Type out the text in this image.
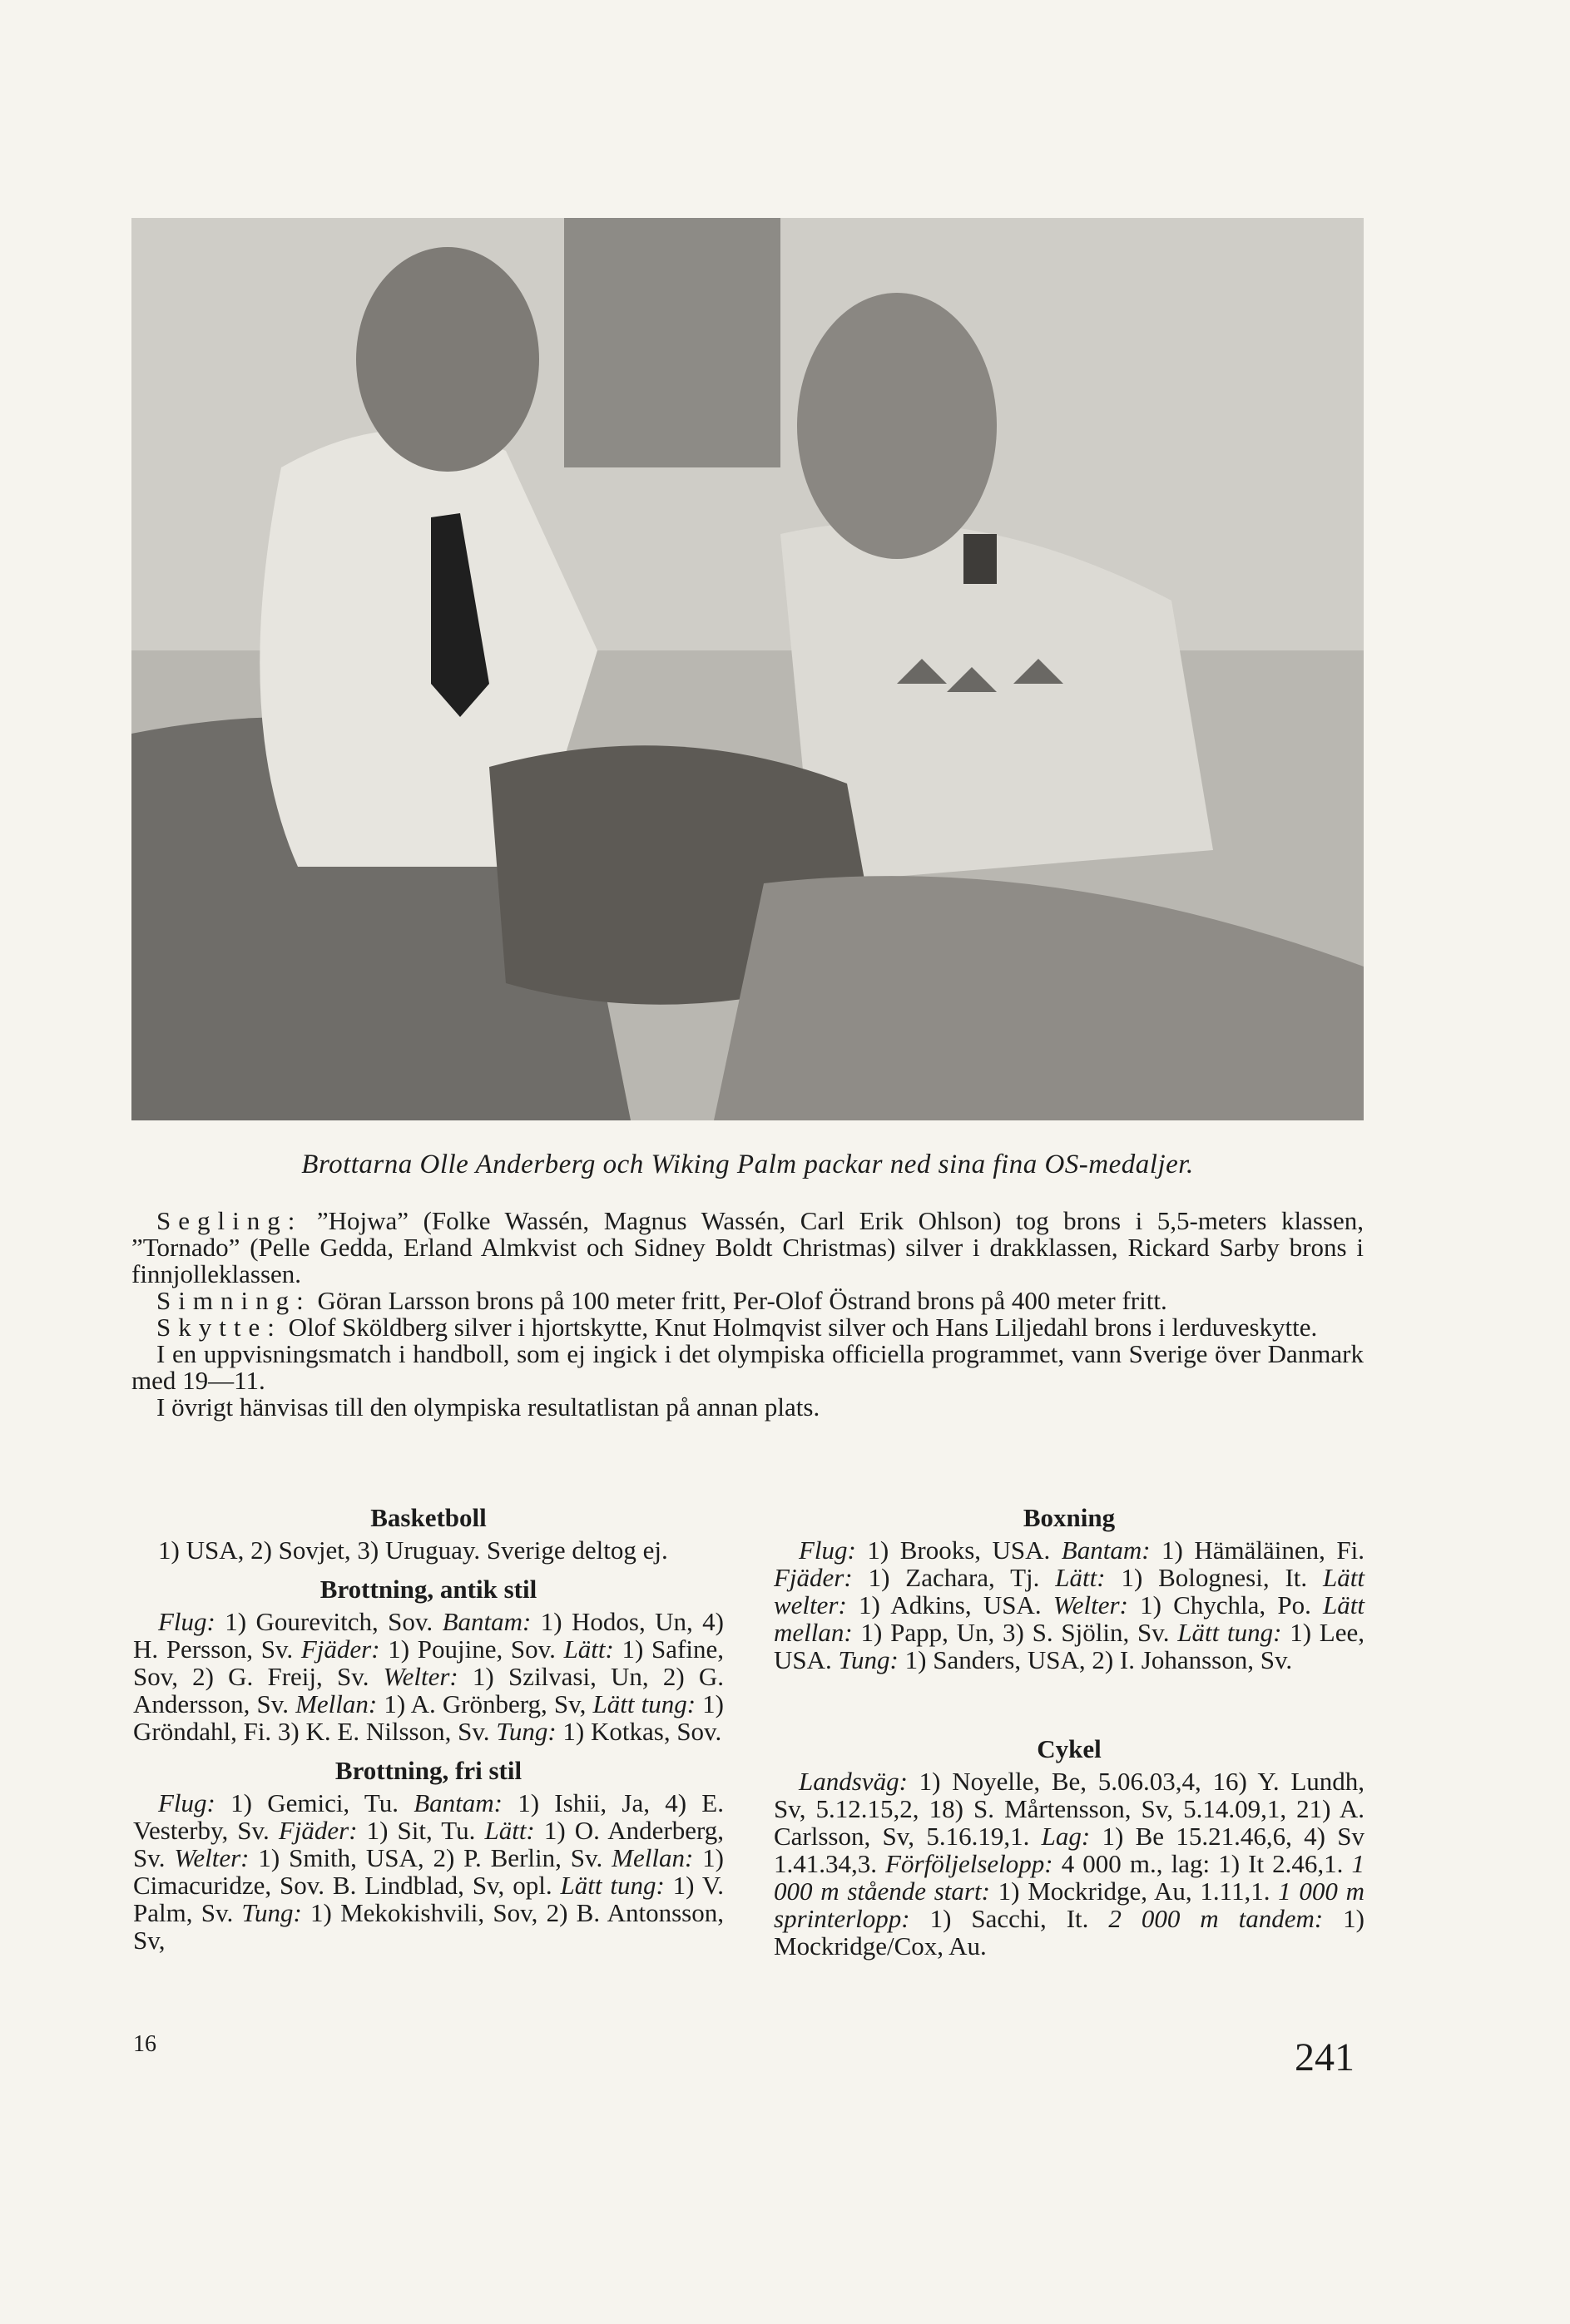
Brottarna Olle Anderberg och Wiking Palm packar ned sina fina OS-medaljer.

Segling: ”Hojwa” (Folke Wassén, Magnus Wassén, Carl Erik Ohlson) tog brons i 5,5-meters klassen, ”Tornado” (Pelle Gedda, Erland Almkvist och Sidney Boldt Christmas) silver i drakklassen, Rickard Sarby brons i finnjolleklassen.

Simning: Göran Larsson brons på 100 meter fritt, Per-Olof Östrand brons på 400 meter fritt.

Skytte: Olof Sköldberg silver i hjortskytte, Knut Holmqvist silver och Hans Liljedahl brons i lerduveskytte.

I en uppvisningsmatch i handboll, som ej ingick i det olympiska officiella programmet, vann Sverige över Danmark med 19—11.

I övrigt hänvisas till den olympiska resultatlistan på annan plats.

Basketboll

1) USA, 2) Sovjet, 3) Uruguay. Sverige deltog ej.

Brottning, antik stil

Flug: 1) Gourevitch, Sov. Bantam: 1) Hodos, Un, 4) H. Persson, Sv. Fjäder: 1) Poujine, Sov. Lätt: 1) Safine, Sov, 2) G. Freij, Sv. Welter: 1) Szilvasi, Un, 2) G. Andersson, Sv. Mellan: 1) A. Grönberg, Sv, Lätt tung: 1) Gröndahl, Fi. 3) K. E. Nilsson, Sv. Tung: 1) Kotkas, Sov.

Brottning, fri stil

Flug: 1) Gemici, Tu. Bantam: 1) Ishii, Ja, 4) E. Vesterby, Sv. Fjäder: 1) Sit, Tu. Lätt: 1) O. Anderberg, Sv. Welter: 1) Smith, USA, 2) P. Berlin, Sv. Mellan: 1) Cimacuridze, Sov. B. Lindblad, Sv, opl. Lätt tung: 1) V. Palm, Sv. Tung: 1) Mekokishvili, Sov, 2) B. Antonsson, Sv,

Boxning

Flug: 1) Brooks, USA. Bantam: 1) Hämäläinen, Fi. Fjäder: 1) Zachara, Tj. Lätt: 1) Bolognesi, It. Lätt welter: 1) Adkins, USA. Welter: 1) Chychla, Po. Lätt mellan: 1) Papp, Un, 3) S. Sjölin, Sv. Lätt tung: 1) Lee, USA. Tung: 1) Sanders, USA, 2) I. Johansson, Sv.

Cykel

Landsväg: 1) Noyelle, Be, 5.06.03,4, 16) Y. Lundh, Sv, 5.12.15,2, 18) S. Mårtensson, Sv, 5.14.09,1, 21) A. Carlsson, Sv, 5.16.19,1. Lag: 1) Be 15.21.46,6, 4) Sv 1.41.34,3. Förföljelselopp: 4 000 m., lag: 1) It 2.46,1. 1 000 m stående start: 1) Mockridge, Au, 1.11,1. 1 000 m sprinterlopp: 1) Sacchi, It. 2 000 m tandem: 1) Mockridge/Cox, Au.

16	241
